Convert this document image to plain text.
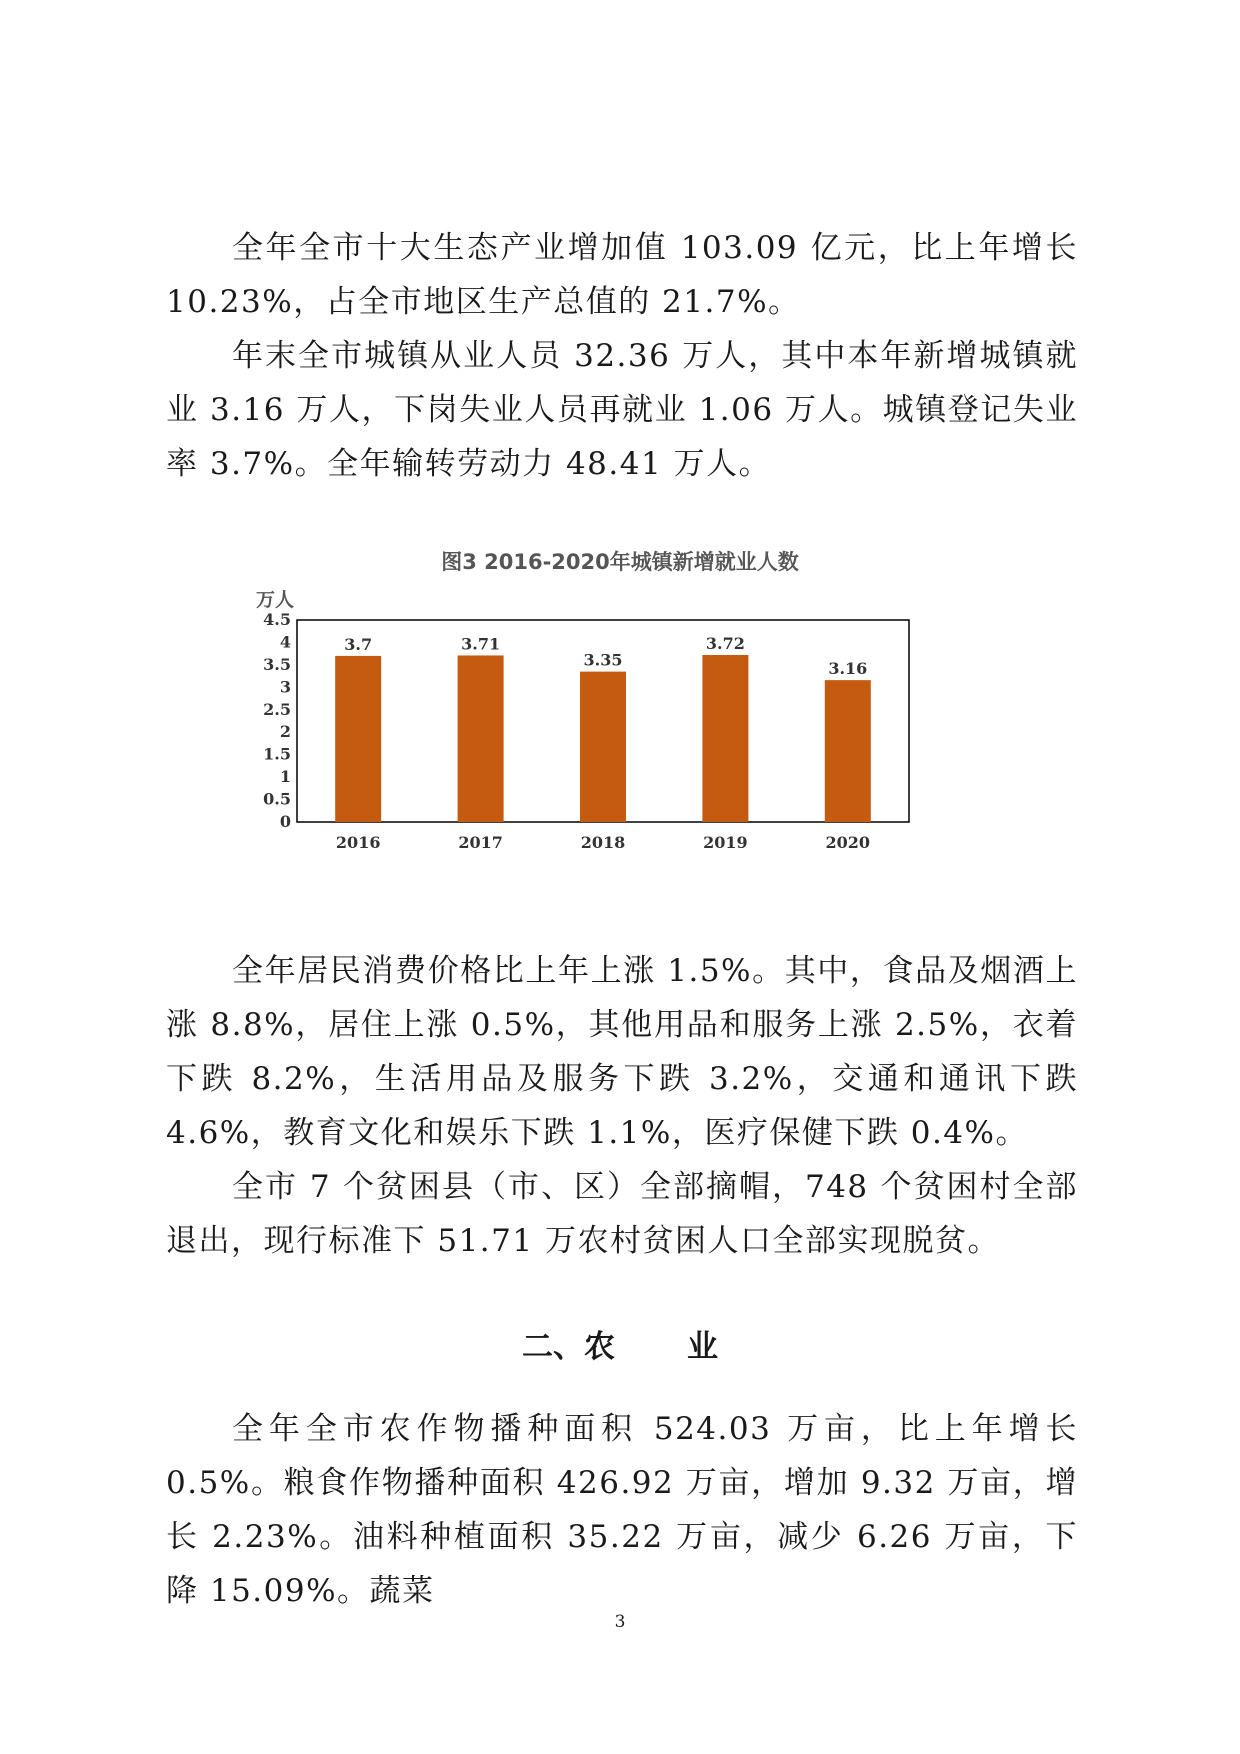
全年全市十大生态产业增加值 103.09 亿元，比上年增长 10.23%，占全市地区生产总值的 21.7%。

年末全市城镇从业人员 32.36 万人，其中本年新增城镇就业 3.16 万人，下岗失业人员再就业 1.06 万人。城镇登记失业率 3.7%。全年输转劳动力 48.41 万人。

图3 2016-2020年城镇新增就业人数

万人
0
0.5
1
1.5
2
2.5
3
3.5
4
4.5
3.7
2016
3.71
2017
3.35
2018
3.72
2019
3.16
2020

全年居民消费价格比上年上涨 1.5%。其中，食品及烟酒上涨 8.8%，居住上涨 0.5%，其他用品和服务上涨 2.5%，衣着下跌 8.2%，生活用品及服务下跌 3.2%，交通和通讯下跌 4.6%，教育文化和娱乐下跌 1.1%，医疗保健下跌 0.4%。

全市 7 个贫困县（市、区）全部摘帽，748 个贫困村全部退出，现行标准下 51.71 万农村贫困人口全部实现脱贫。

二、农 业

全年全市农作物播种面积 524.03 万亩，比上年增长 0.5%。粮食作物播种面积 426.92 万亩，增加 9.32 万亩，增长 2.23%。油料种植面积 35.22 万亩，减少 6.26 万亩，下降 15.09%。蔬菜

3
